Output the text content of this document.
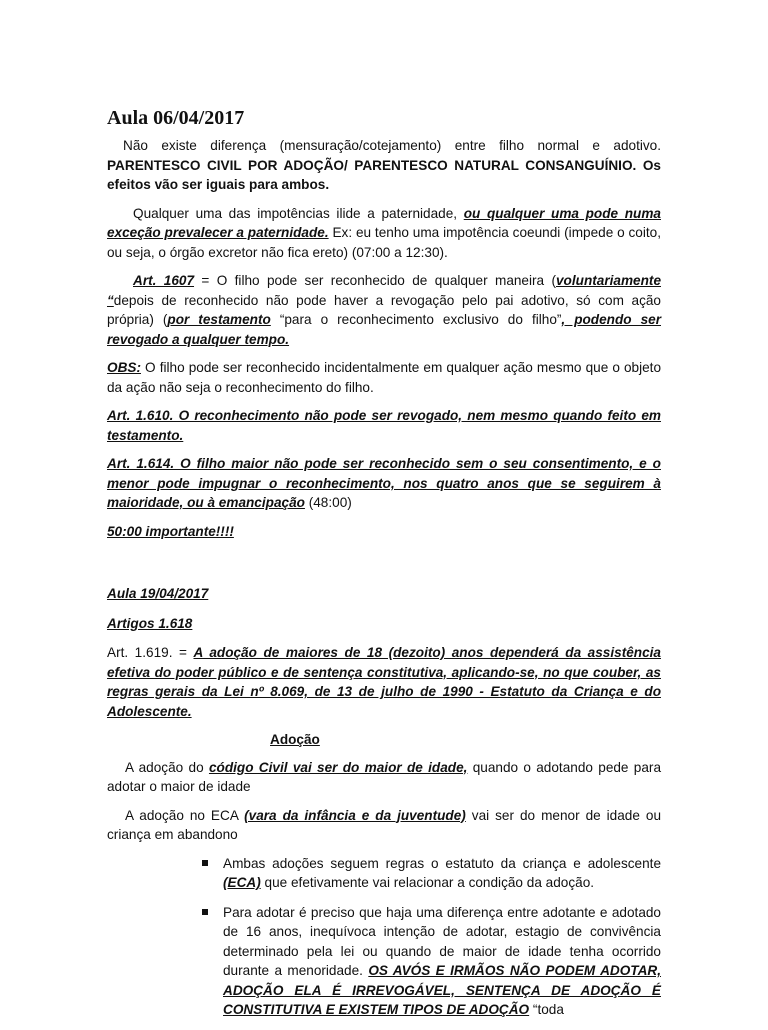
Aula 06/04/2017

Não existe diferença (mensuração/cotejamento) entre filho normal e adotivo. PARENTESCO CIVIL POR ADOÇÃO/ PARENTESCO NATURAL CONSANGUÍNIO. Os efeitos vão ser iguais para ambos.

Qualquer uma das impotências ilide a paternidade, ou qualquer uma pode numa exceção prevalecer a paternidade. Ex: eu tenho uma impotência coeundi (impede o coito, ou seja, o órgão excretor não fica ereto) (07:00 a 12:30).

Art. 1607 = O filho pode ser reconhecido de qualquer maneira (voluntariamente “depois de reconhecido não pode haver a revogação pelo pai adotivo, só com ação própria) (por testamento “para o reconhecimento exclusivo do filho”, podendo ser revogado a qualquer tempo.

OBS: O filho pode ser reconhecido incidentalmente em qualquer ação mesmo que o objeto da ação não seja o reconhecimento do filho.

Art. 1.610. O reconhecimento não pode ser revogado, nem mesmo quando feito em testamento.

Art. 1.614. O filho maior não pode ser reconhecido sem o seu consentimento, e o menor pode impugnar o reconhecimento, nos quatro anos que se seguirem à maioridade, ou à emancipação (48:00)

50:00 importante!!!!

Aula 19/04/2017

Artigos 1.618

Art. 1.619. = A adoção de maiores de 18 (dezoito) anos dependerá da assistência efetiva do poder público e de sentença constitutiva, aplicando-se, no que couber, as regras gerais da Lei nº 8.069, de 13 de julho de 1990 - Estatuto da Criança e do Adolescente.

Adoção

A adoção do código Civil vai ser do maior de idade, quando o adotando pede para adotar o maior de idade

A adoção no ECA (vara da infância e da juventude) vai ser do menor de idade ou criança em abandono

Ambas adoções seguem regras o estatuto da criança e adolescente (ECA) que efetivamente vai relacionar a condição da adoção.
Para adotar é preciso que haja uma diferença entre adotante e adotado de 16 anos, inequívoca intenção de adotar, estagio de convivência determinado pela lei ou quando de maior de idade tenha ocorrido durante a menoridade. OS AVÓS E IRMÃOS NÃO PODEM ADOTAR, ADOÇÃO ELA É IRREVOGÁVEL, SENTENÇA DE ADOÇÃO É CONSTITUTIVA E EXISTEM TIPOS DE ADOÇÃO “toda
